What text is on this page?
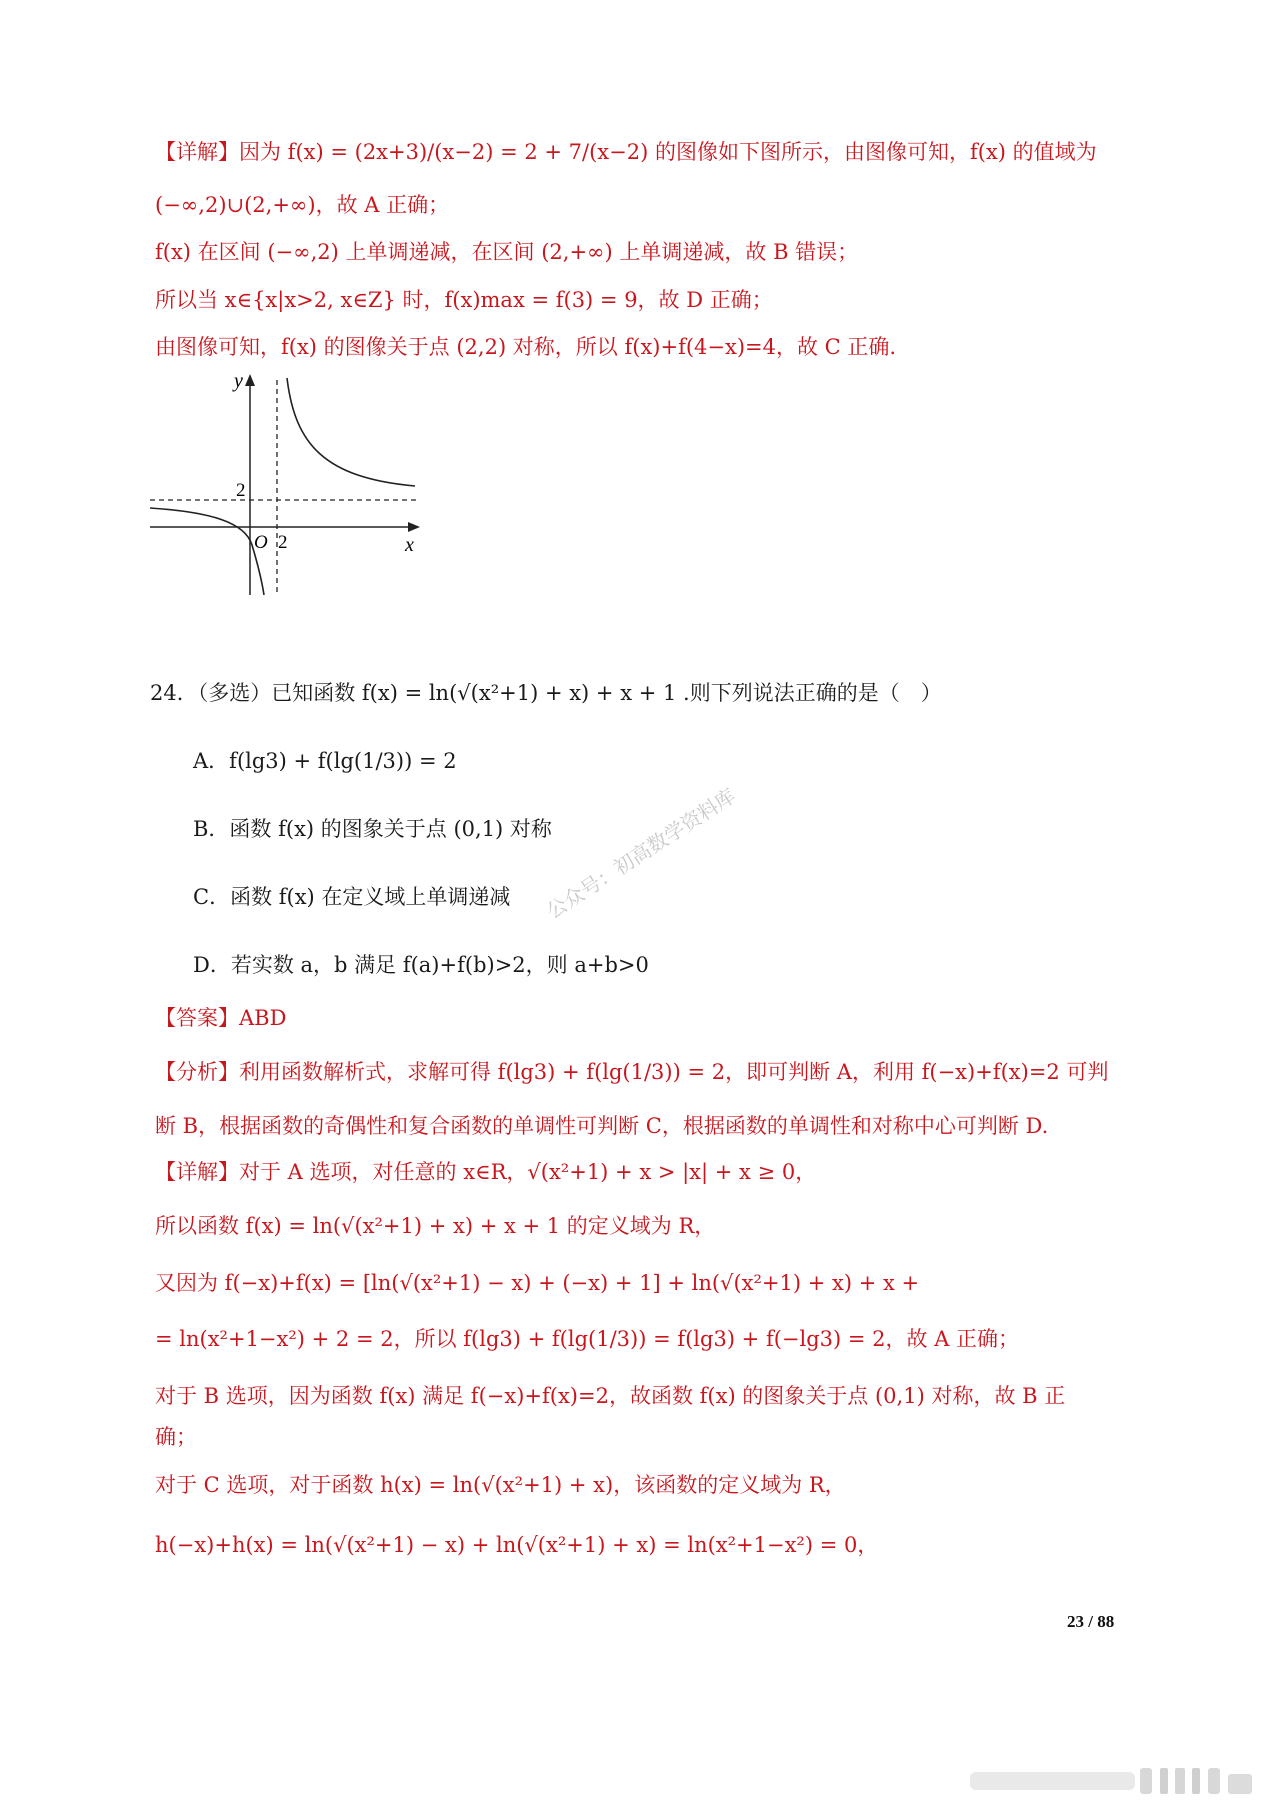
【详解】因为 f(x) = (2x+3)/(x−2) = 2 + 7/(x−2) 的图像如下图所示，由图像可知，f(x) 的值域为
(−∞,2)∪(2,+∞)，故 A 正确；
f(x) 在区间 (−∞,2) 上单调递减，在区间 (2,+∞) 上单调递减，故 B 错误；
所以当 x∈{x|x>2, x∈Z} 时，f(x)max = f(3) = 9，故 D 正确；
由图像可知，f(x) 的图像关于点 (2,2) 对称，所以 f(x)+f(4−x)=4，故 C 正确.
y
x
O 2
2
24．（多选）已知函数 f(x) = ln(√(x²+1) + x) + x + 1 .则下列说法正确的是（　）
A．f(lg3) + f(lg(1/3)) = 2
B．函数 f(x) 的图象关于点 (0,1) 对称
C．函数 f(x) 在定义域上单调递减
D．若实数 a，b 满足 f(a)+f(b)>2，则 a+b>0
【答案】ABD
【分析】利用函数解析式，求解可得 f(lg3) + f(lg(1/3)) = 2，即可判断 A，利用 f(−x)+f(x)=2 可判
断 B，根据函数的奇偶性和复合函数的单调性可判断 C，根据函数的单调性和对称中心可判断 D.
【详解】对于 A 选项，对任意的 x∈R，√(x²+1) + x > |x| + x ≥ 0，
所以函数 f(x) = ln(√(x²+1) + x) + x + 1 的定义域为 R，
又因为 f(−x)+f(x) = [ln(√(x²+1) − x) + (−x) + 1] + ln(√(x²+1) + x) + x +
= ln(x²+1−x²) + 2 = 2，所以 f(lg3) + f(lg(1/3)) = f(lg3) + f(−lg3) = 2，故 A 正确；
对于 B 选项，因为函数 f(x) 满足 f(−x)+f(x)=2，故函数 f(x) 的图象关于点 (0,1) 对称，故 B 正
确；
对于 C 选项，对于函数 h(x) = ln(√(x²+1) + x)，该函数的定义域为 R，
h(−x)+h(x) = ln(√(x²+1) − x) + ln(√(x²+1) + x) = ln(x²+1−x²) = 0，
23 / 88
公众号：初高数学资料库
